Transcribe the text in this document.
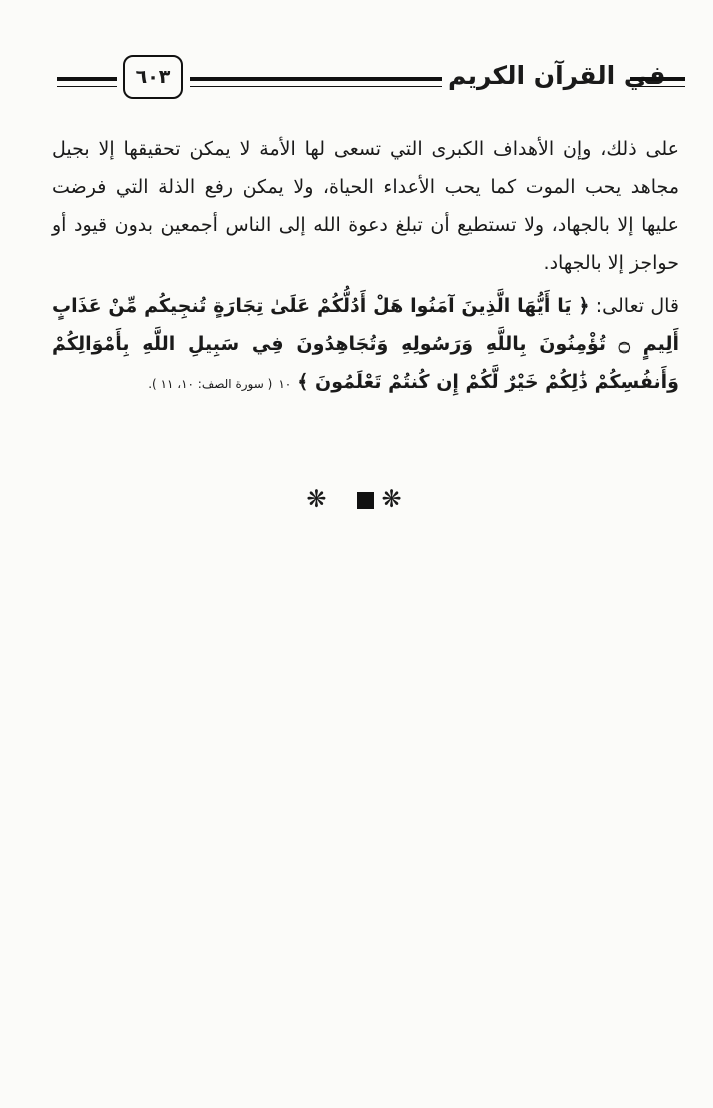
٦٠٣	في القرآن الكريم
على ذلك، وإن الأهداف الكبرى التي تسعى لها الأمة لا يمكن تحقيقها إلا بجيل مجاهد يحب الموت كما يحب الأعداء الحياة، ولا يمكن رفع الذلة التي فرضت عليها إلا بالجهاد، ولا تستطيع أن تبلغ دعوة الله إلى الناس أجمعين بدون قيود أو حواجز إلا بالجهاد.
قال تعالى: ﴿ يَا أَيُّهَا الَّذِينَ آمَنُوا هَلْ أَدُلُّكُمْ عَلَىٰ تِجَارَةٍ تُنجِيكُم مِّنْ عَذَابٍ أَلِيمٍ ۝ تُؤْمِنُونَ بِاللَّهِ وَرَسُولِهِ وَتُجَاهِدُونَ فِي سَبِيلِ اللَّهِ بِأَمْوَالِكُمْ وَأَنفُسِكُمْ ذَٰلِكُمْ خَيْرٌ لَّكُمْ إِن كُنتُمْ تَعْلَمُونَ ﴾ ١٠ ( سورة الصف: ١٠، ١١ ).
❋ ❋
